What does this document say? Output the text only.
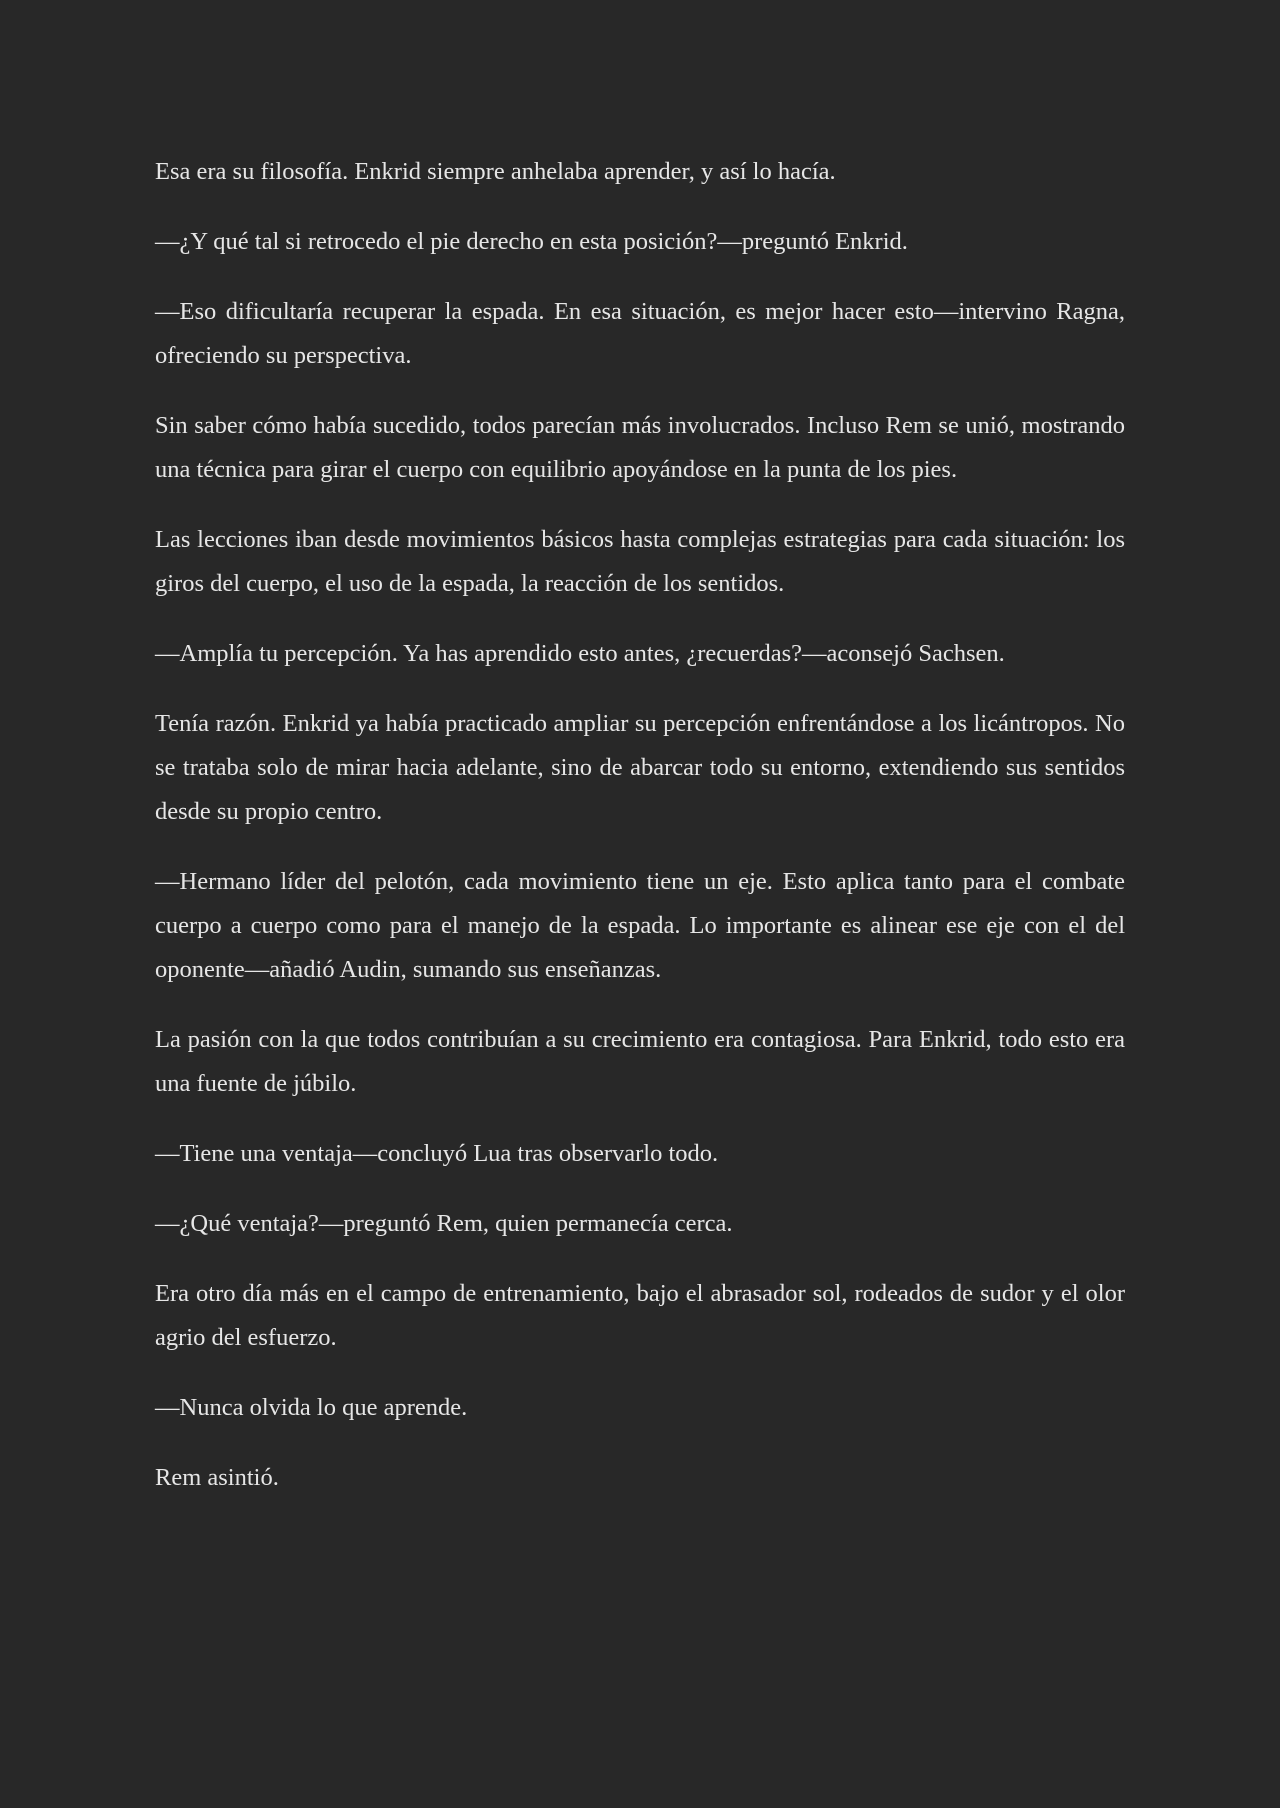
Esa era su filosofía. Enkrid siempre anhelaba aprender, y así lo hacía.

—¿Y qué tal si retrocedo el pie derecho en esta posición?—preguntó Enkrid.

—Eso dificultaría recuperar la espada. En esa situación, es mejor hacer esto—intervino Ragna, ofreciendo su perspectiva.

Sin saber cómo había sucedido, todos parecían más involucrados. Incluso Rem se unió, mostrando una técnica para girar el cuerpo con equilibrio apoyándose en la punta de los pies.

Las lecciones iban desde movimientos básicos hasta complejas estrategias para cada situación: los giros del cuerpo, el uso de la espada, la reacción de los sentidos.

—Amplía tu percepción. Ya has aprendido esto antes, ¿recuerdas?—aconsejó Sachsen.

Tenía razón. Enkrid ya había practicado ampliar su percepción enfrentándose a los licántropos. No se trataba solo de mirar hacia adelante, sino de abarcar todo su entorno, extendiendo sus sentidos desde su propio centro.

—Hermano líder del pelotón, cada movimiento tiene un eje. Esto aplica tanto para el combate cuerpo a cuerpo como para el manejo de la espada. Lo importante es alinear ese eje con el del oponente—añadió Audin, sumando sus enseñanzas.

La pasión con la que todos contribuían a su crecimiento era contagiosa. Para Enkrid, todo esto era una fuente de júbilo.

—Tiene una ventaja—concluyó Lua tras observarlo todo.

—¿Qué ventaja?—preguntó Rem, quien permanecía cerca.

Era otro día más en el campo de entrenamiento, bajo el abrasador sol, rodeados de sudor y el olor agrio del esfuerzo.

—Nunca olvida lo que aprende.

Rem asintió.
